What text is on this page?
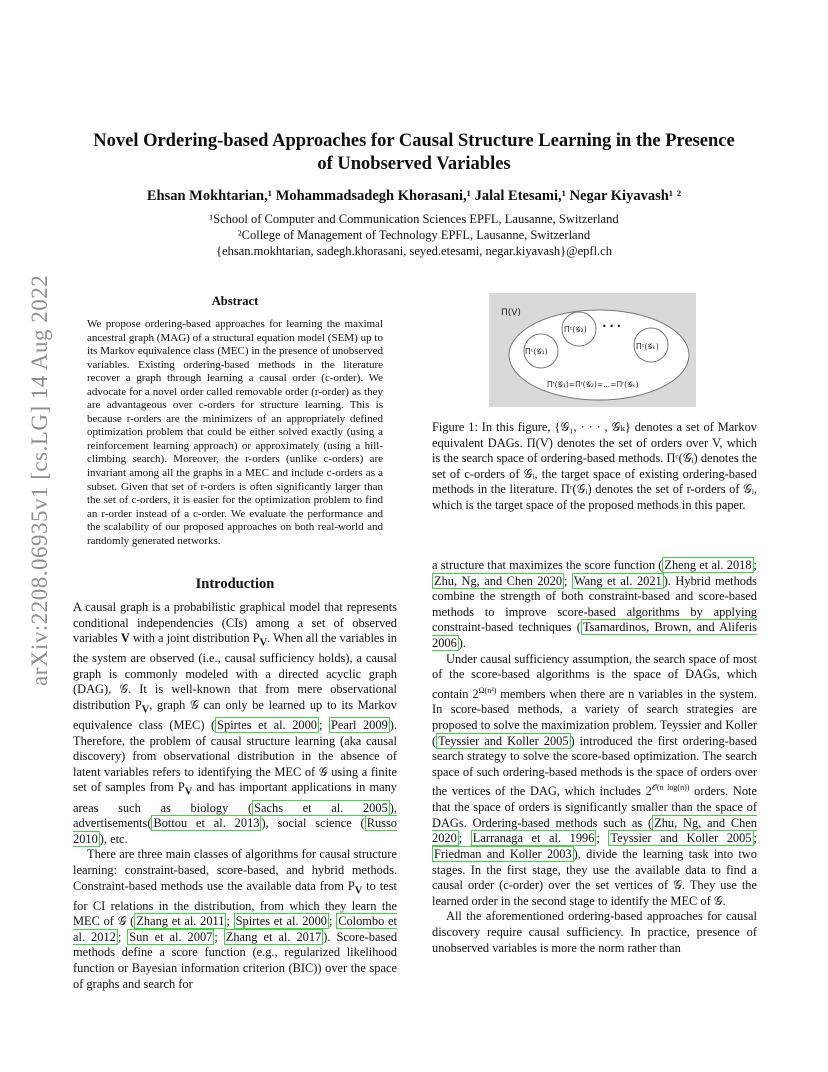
arXiv:2208.06935v1 [cs.LG] 14 Aug 2022
Novel Ordering-based Approaches for Causal Structure Learning in the Presence
of Unobserved Variables
Ehsan Mokhtarian,¹ Mohammadsadegh Khorasani,¹ Jalal Etesami,¹ Negar Kiyavash¹ ²
¹School of Computer and Communication Sciences EPFL, Lausanne, Switzerland
²College of Management of Technology EPFL, Lausanne, Switzerland
{ehsan.mokhtarian, sadegh.khorasani, seyed.etesami, negar.kiyavash}@epfl.ch
Abstract
We propose ordering-based approaches for learning the maximal ancestral graph (MAG) of a structural equation model (SEM) up to its Markov equivalence class (MEC) in the presence of unobserved variables. Existing ordering-based methods in the literature recover a graph through learning a causal order (c-order). We advocate for a novel order called removable order (r-order) as they are advantageous over c-orders for structure learning. This is because r-orders are the minimizers of an appropriately defined optimization problem that could be either solved exactly (using a reinforcement learning approach) or approximately (using a hill-climbing search). Moreover, the r-orders (unlike c-orders) are invariant among all the graphs in a MEC and include c-orders as a subset. Given that set of r-orders is often significantly larger than the set of c-orders, it is easier for the optimization problem to find an r-order instead of a c-order. We evaluate the performance and the scalability of our proposed approaches on both real-world and randomly generated networks.
Π(V)
Πᶜ(𝒢₁)
Πᶜ(𝒢₂)
Πᶜ(𝒢ₖ)
• • •
Πʳ(𝒢₁)=Πʳ(𝒢₂)=...=Πʳ(𝒢ₖ)
Figure 1: In this figure, {𝒢₁, · · · , 𝒢ₖ} denotes a set of Markov equivalent DAGs. Π(V) denotes the set of orders over V, which is the search space of ordering-based methods. Πᶜ(𝒢ᵢ) denotes the set of c-orders of 𝒢ᵢ, the target space of existing ordering-based methods in the literature. Πʳ(𝒢ᵢ) denotes the set of r-orders of 𝒢ᵢ, which is the target space of the proposed methods in this paper.
Introduction

A causal graph is a probabilistic graphical model that represents conditional independencies (CIs) among a set of observed variables V with a joint distribution $P_V$. When all the variables in the system are observed (i.e., causal sufficiency holds), a causal graph is commonly modeled with a directed acyclic graph (DAG), 𝒢. It is well-known that from mere observational distribution $P_V$, graph 𝒢 can only be learned up to its Markov equivalence class (MEC) ( Spirtes et al. 2000 ; Pearl 2009 ). Therefore, the problem of causal structure learning (aka causal discovery) from observational distribution in the absence of latent variables refers to identifying the MEC of 𝒢 using a finite set of samples from $P_V$ and has important applications in many areas such as biology ( Sachs et al. 2005 ), advertisements( Bottou et al. 2013 ), social science ( Russo 2010 ), etc.

There are three main classes of algorithms for causal structure learning: constraint-based, score-based, and hybrid methods. Constraint-based methods use the available data from $P_V$ to test for CI relations in the distribution, from which they learn the MEC of 𝒢 ( Zhang et al. 2011 ; Spirtes et al. 2000 ; Colombo et al. 2012 ; Sun et al. 2007 ; Zhang et al. 2017 ). Score-based methods define a score function (e.g., regularized likelihood function or Bayesian information criterion (BIC)) over the space of graphs and search for

a structure that maximizes the score function ( Zheng et al. 2018 ; Zhu, Ng, and Chen 2020 ; Wang et al. 2021 ). Hybrid methods combine the strength of both constraint-based and score-based methods to improve score-based algorithms by applying constraint-based techniques ( Tsamardinos, Brown, and Aliferis 2006 ).

Under causal sufficiency assumption, the search space of most of the score-based algorithms is the space of DAGs, which contain $2^{\Omega(n^2)}$ members when there are n variables in the system. In score-based methods, a variety of search strategies are proposed to solve the maximization problem. Teyssier and Koller ( Teyssier and Koller 2005 ) introduced the first ordering-based search strategy to solve the score-based optimization. The search space of such ordering-based methods is the space of orders over the vertices of the DAG, which includes $2^{𝒪(n log(n))}$ orders. Note that the space of orders is significantly smaller than the space of DAGs. Ordering-based methods such as ( Zhu, Ng, and Chen 2020 ; Larranaga et al. 1996 ; Teyssier and Koller 2005 ; Friedman and Koller 2003 ), divide the learning task into two stages. In the first stage, they use the available data to find a causal order (c-order) over the set vertices of 𝒢. They use the learned order in the second stage to identify the MEC of 𝒢.

All the aforementioned ordering-based approaches for causal discovery require causal sufficiency. In practice, presence of unobserved variables is more the norm rather than
